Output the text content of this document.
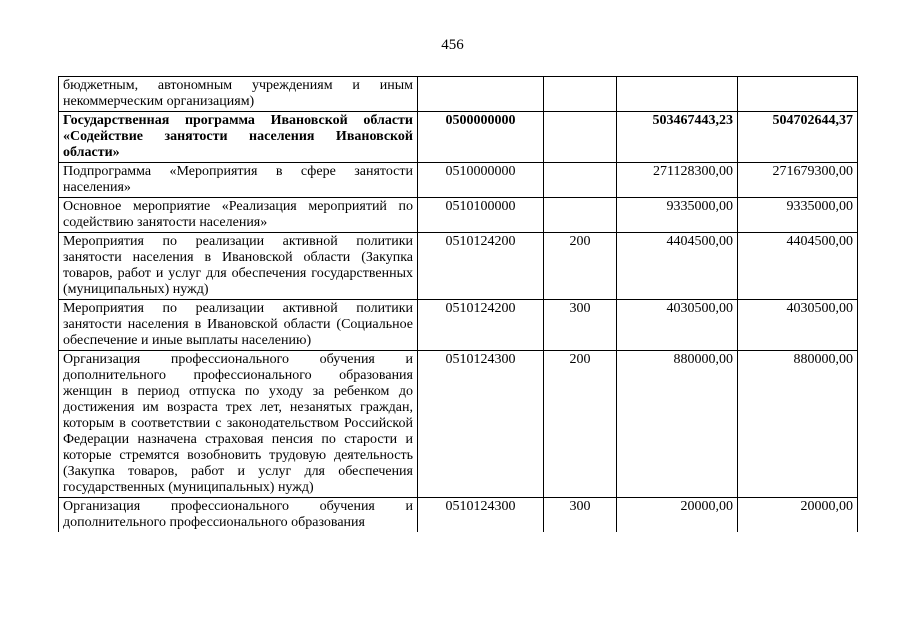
456
бюджетным, автономным учреждениям и иным некоммерческим организациям)				
Государственная программа Ивановской области «Содействие занятости населения Ивановской области»	0500000000		503467443,23	504702644,37
Подпрограмма «Мероприятия в сфере занятости населения»	0510000000		271128300,00	271679300,00
Основное мероприятие «Реализация мероприятий по содействию занятости населения»	0510100000		9335000,00	9335000,00
Мероприятия по реализации активной политики занятости населения в Ивановской области (Закупка товаров, работ и услуг для обеспечения государственных (муниципальных) нужд)	0510124200	200	4404500,00	4404500,00
Мероприятия по реализации активной политики занятости населения в Ивановской области (Социальное обеспечение и иные выплаты населению)	0510124200	300	4030500,00	4030500,00
Организация профессионального обучения и дополнительного профессионального образования женщин в период отпуска по уходу за ребенком до достижения им возраста трех лет, незанятых граждан, которым в соответствии с законодательством Российской Федерации назначена страховая пенсия по старости и которые стремятся возобновить трудовую деятельность (Закупка товаров, работ и услуг для обеспечения государственных (муниципальных) нужд)	0510124300	200	880000,00	880000,00
Организация профессионального обучения и дополнительного профессионального образования	0510124300	300	20000,00	20000,00
